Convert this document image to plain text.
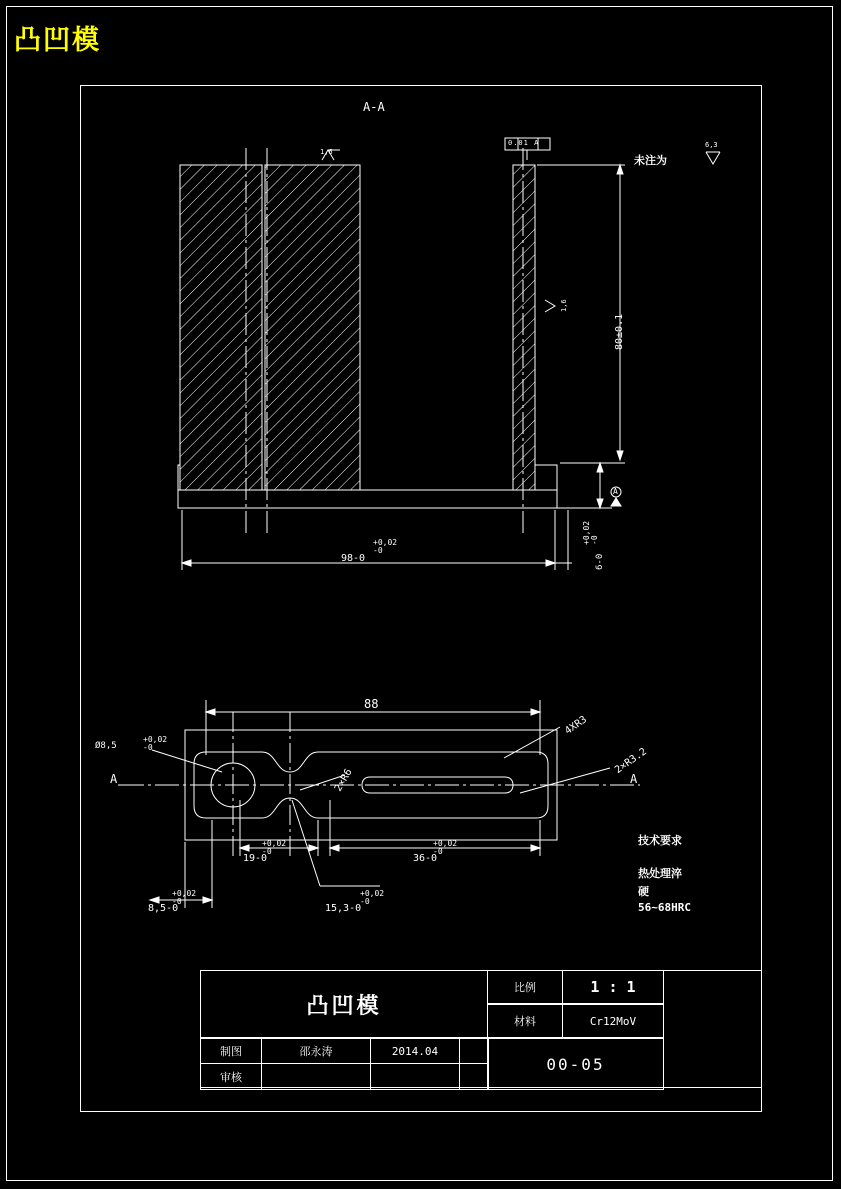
凸凹模
A-A
0.01 A
未注为
6,3
1,6
1,6
80±0.1
98-0
+0,02
-0
6-0
+0,02 -0
A
88
Ø8,5
+0,02
-0
A	A
4XR3
2×R3.2
2×R6
19-0
+0,02
-0
36-0
+0,02
-0
8,5-0
+0,02
-0
15,3-0
+0,02
-0
技术要求
热处理淬
硬
56~68HRC
凸凹模
比例	1 : 1
材料	Cr12MoV
制图	邵永涛	2014.04
审核
00-05
